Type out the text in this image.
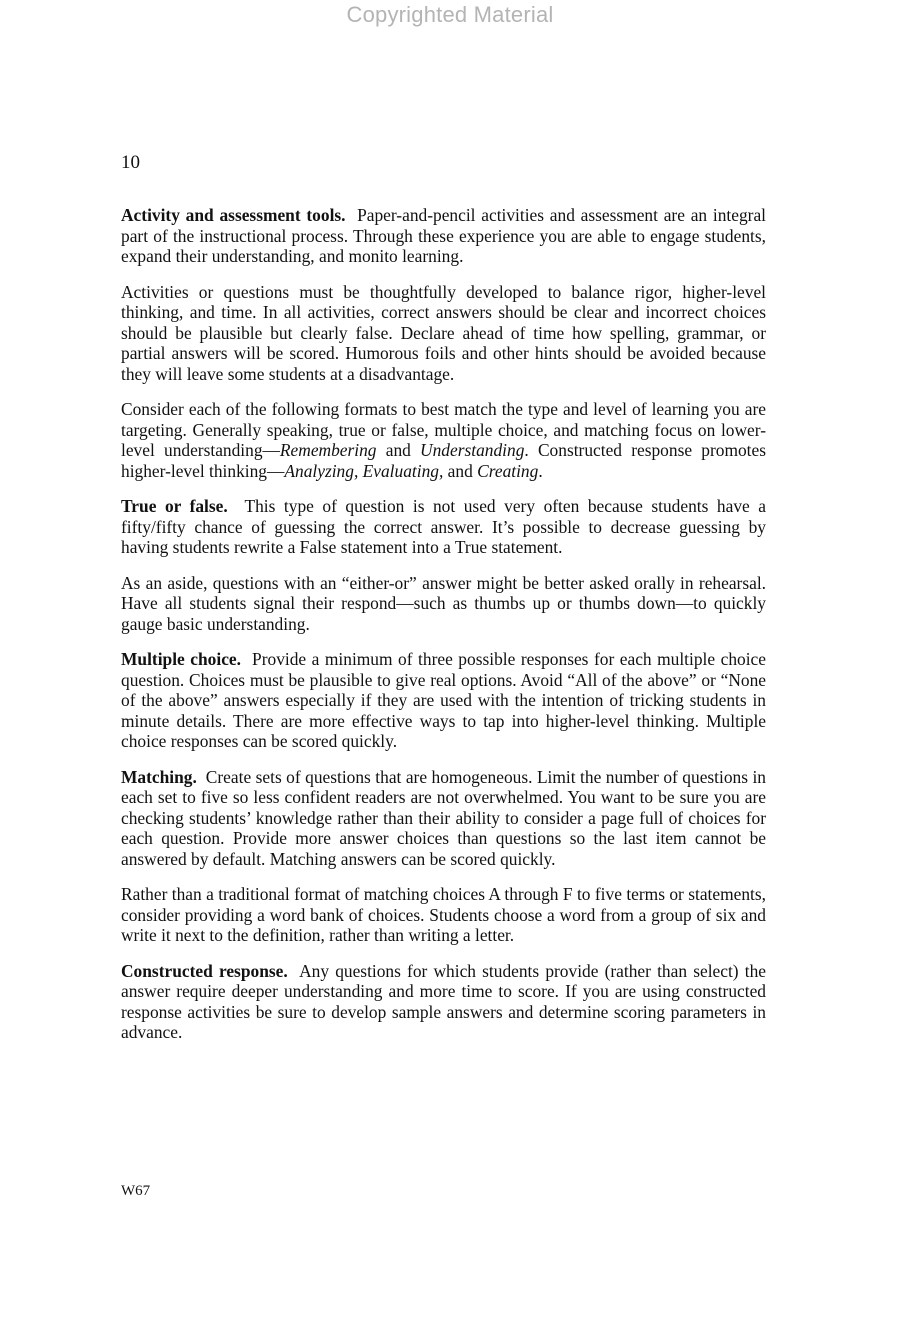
Copyrighted Material
10

Activity and assessment tools. Paper-and-pencil activities and assessment are an integral part of the instructional process. Through these experience you are able to engage students, expand their understanding, and monito learning.

Activities or questions must be thoughtfully developed to balance rigor, higher-level thinking, and time. In all activities, correct answers should be clear and incorrect choices should be plausible but clearly false. Declare ahead of time how spelling, grammar, or partial answers will be scored. Humorous foils and other hints should be avoided because they will leave some students at a disadvantage.

Consider each of the following formats to best match the type and level of learning you are targeting. Generally speaking, true or false, multiple choice, and matching focus on lower-level understanding—Remembering and Understanding. Constructed response promotes higher-level thinking—Analyzing, Evaluating, and Creating.

True or false. This type of question is not used very often because students have a fifty/fifty chance of guessing the correct answer. It’s possible to decrease guessing by having students rewrite a False statement into a True statement.

As an aside, questions with an “either-or” answer might be better asked orally in rehearsal. Have all students signal their respond—such as thumbs up or thumbs down—to quickly gauge basic understanding.

Multiple choice. Provide a minimum of three possible responses for each multiple choice question. Choices must be plausible to give real options. Avoid “All of the above” or “None of the above” answers especially if they are used with the intention of tricking students in minute details. There are more effective ways to tap into higher-level thinking. Multiple choice responses can be scored quickly.

Matching. Create sets of questions that are homogeneous. Limit the number of questions in each set to five so less confident readers are not overwhelmed. You want to be sure you are checking students’ knowledge rather than their ability to consider a page full of choices for each question. Provide more answer choices than questions so the last item cannot be answered by default. Matching answers can be scored quickly.

Rather than a traditional format of matching choices A through F to five terms or statements, consider providing a word bank of choices. Students choose a word from a group of six and write it next to the definition, rather than writing a letter.

Constructed response. Any questions for which students provide (rather than select) the answer require deeper understanding and more time to score. If you are using constructed response activities be sure to develop sample answers and determine scoring parameters in advance.

W67
